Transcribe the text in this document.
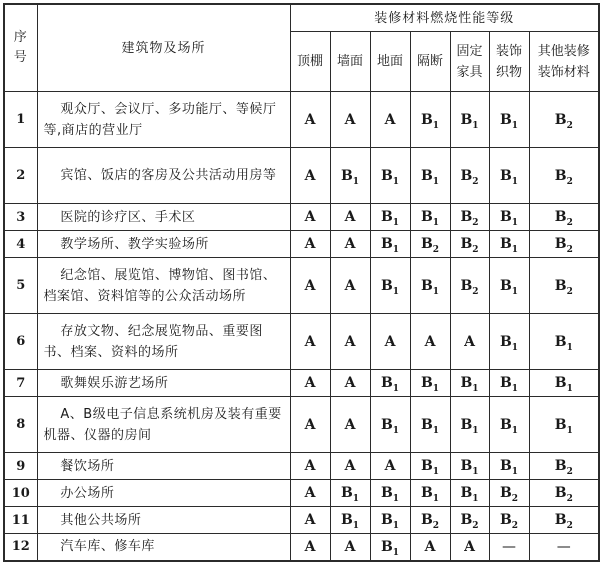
序号	建筑物及场所	装修材料燃烧性能等级						
		顶棚	墙面	地面	隔断	固定家具	装饰织物	其他装修装饰材料

1	观众厅、会议厅、多功能厅、等候厅等,商店的营业厅	A	A	A	$B_1$	$B_1$	$B_1$	$B_2$
2	宾馆、饭店的客房及公共活动用房等	A	$B_1$	$B_1$	$B_1$	$B_2$	$B_1$	$B_2$
3	医院的诊疗区、手术区	A	A	$B_1$	$B_1$	$B_2$	$B_1$	$B_2$
4	教学场所、教学实验场所	A	A	$B_1$	$B_2$	$B_2$	$B_1$	$B_2$
5	纪念馆、展览馆、博物馆、图书馆、档案馆、资料馆等的公众活动场所	A	A	$B_1$	$B_1$	$B_2$	$B_1$	$B_2$
6	存放文物、纪念展览物品、重要图书、档案、资料的场所	A	A	A	A	A	$B_1$	$B_1$
7	歌舞娱乐游艺场所	A	A	$B_1$	$B_1$	$B_1$	$B_1$	$B_1$
8	A、B级电子信息系统机房及装有重要机器、仪器的房间	A	A	$B_1$	$B_1$	$B_1$	$B_1$	$B_1$
9	餐饮场所	A	A	A	$B_1$	$B_1$	$B_1$	$B_2$
10	办公场所	A	$B_1$	$B_1$	$B_1$	$B_1$	$B_2$	$B_2$
11	其他公共场所	A	$B_1$	$B_1$	$B_2$	$B_2$	$B_2$	$B_2$
12	汽车库、修车库	A	A	$B_1$	A	A	—	—
